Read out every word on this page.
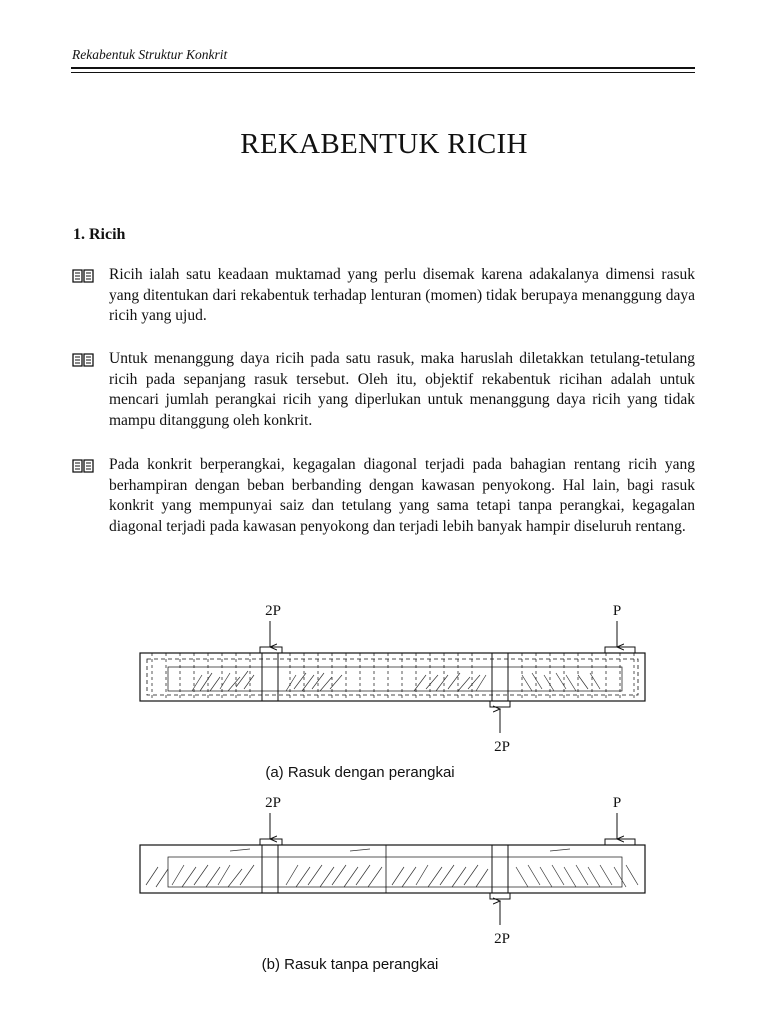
Rekabentuk Struktur Konkrit
REKABENTUK RICIH
1. Ricih
Ricih ialah satu keadaan muktamad yang perlu disemak karena adakalanya dimensi rasuk yang ditentukan dari rekabentuk terhadap lenturan (momen) tidak berupaya menanggung daya ricih yang ujud.
Untuk menanggung daya ricih pada satu rasuk, maka haruslah diletakkan tetulang-tetulang ricih pada sepanjang rasuk tersebut. Oleh itu, objektif rekabentuk ricihan adalah untuk mencari jumlah perangkai ricih yang diperlukan untuk menanggung daya ricih yang tidak mampu ditanggung oleh konkrit.
Pada konkrit berperangkai, kegagalan diagonal terjadi pada bahagian rentang ricih yang berhampiran dengan beban berbanding dengan kawasan penyokong. Hal lain, bagi rasuk konkrit yang mempunyai saiz dan tetulang yang sama tetapi tanpa perangkai, kegagalan diagonal terjadi pada kawasan penyokong dan terjadi lebih banyak hampir diseluruh rentang.
2P	P
2P
(a) Rasuk dengan perangkai
2P	P
2P
(b) Rasuk tanpa perangkai
